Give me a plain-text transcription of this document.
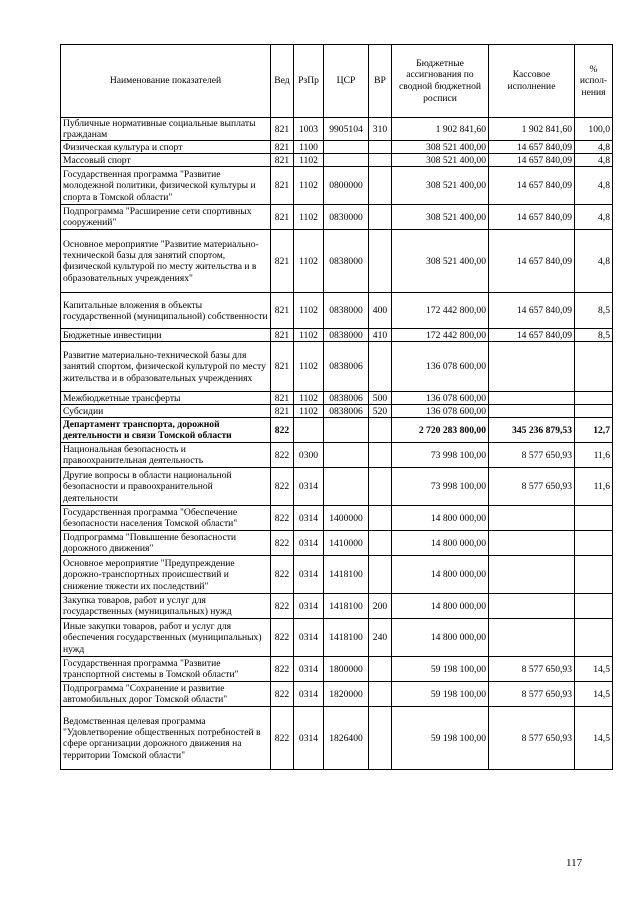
Наименование показателей	Вед	РзПр	ЦСР	ВР	Бюджетные ассигнования по сводной бюджетной росписи	Кассовое исполнение	% испол-нения
Публичные нормативные социальные выплаты гражданам	821	1003	9905104	310	1 902 841,60	1 902 841,60	100,0
Физическая культура и спорт	821	1100			308 521 400,00	14 657 840,09	4,8
Массовый спорт	821	1102			308 521 400,00	14 657 840,09	4,8
Государственная программа "Развитие молодежной политики, физической культуры и спорта в Томской области"	821	1102	0800000		308 521 400,00	14 657 840,09	4,8
Подпрограмма "Расширение сети спортивных сооружений"	821	1102	0830000		308 521 400,00	14 657 840,09	4,8
Основное мероприятие "Развитие материально-технической базы для занятий спортом, физической культурой по месту жительства и в образовательных учреждениях"	821	1102	0838000		308 521 400,00	14 657 840,09	4,8
Капитальные вложения в объекты государственной (муниципальной) собственности	821	1102	0838000	400	172 442 800,00	14 657 840,09	8,5
Бюджетные инвестиции	821	1102	0838000	410	172 442 800,00	14 657 840,09	8,5
Развитие материально-технической базы для занятий спортом, физической культурой по месту жительства и в образовательных учреждениях	821	1102	0838006		136 078 600,00		
Межбюджетные трансферты	821	1102	0838006	500	136 078 600,00		
Субсидии	821	1102	0838006	520	136 078 600,00		
Департамент транспорта, дорожной деятельности и связи Томской области	822				2 720 283 800,00	345 236 879,53	12,7
Национальная безопасность и правоохранительная деятельность	822	0300			73 998 100,00	8 577 650,93	11,6
Другие вопросы в области национальной безопасности и правоохранительной деятельности	822	0314			73 998 100,00	8 577 650,93	11,6
Государственная программа "Обеспечение безопасности населения Томской области"	822	0314	1400000		14 800 000,00		
Подпрограмма "Повышение безопасности дорожного движения"	822	0314	1410000		14 800 000,00		
Основное мероприятие "Предупреждение дорожно-транспортных происшествий и снижение тяжести их последствий"	822	0314	1418100		14 800 000,00		
Закупка товаров, работ и услуг для государственных (муниципальных) нужд	822	0314	1418100	200	14 800 000,00		
Иные закупки товаров, работ и услуг для обеспечения государственных (муниципальных) нужд	822	0314	1418100	240	14 800 000,00		
Государственная программа "Развитие транспортной системы в Томской области"	822	0314	1800000		59 198 100,00	8 577 650,93	14,5
Подпрограмма "Сохранение и развитие автомобильных дорог Томской области"	822	0314	1820000		59 198 100,00	8 577 650,93	14,5
Ведомственная целевая программа "Удовлетворение общественных потребностей в сфере организации дорожного движения на территории Томской области"	822	0314	1826400		59 198 100,00	8 577 650,93	14,5
117
